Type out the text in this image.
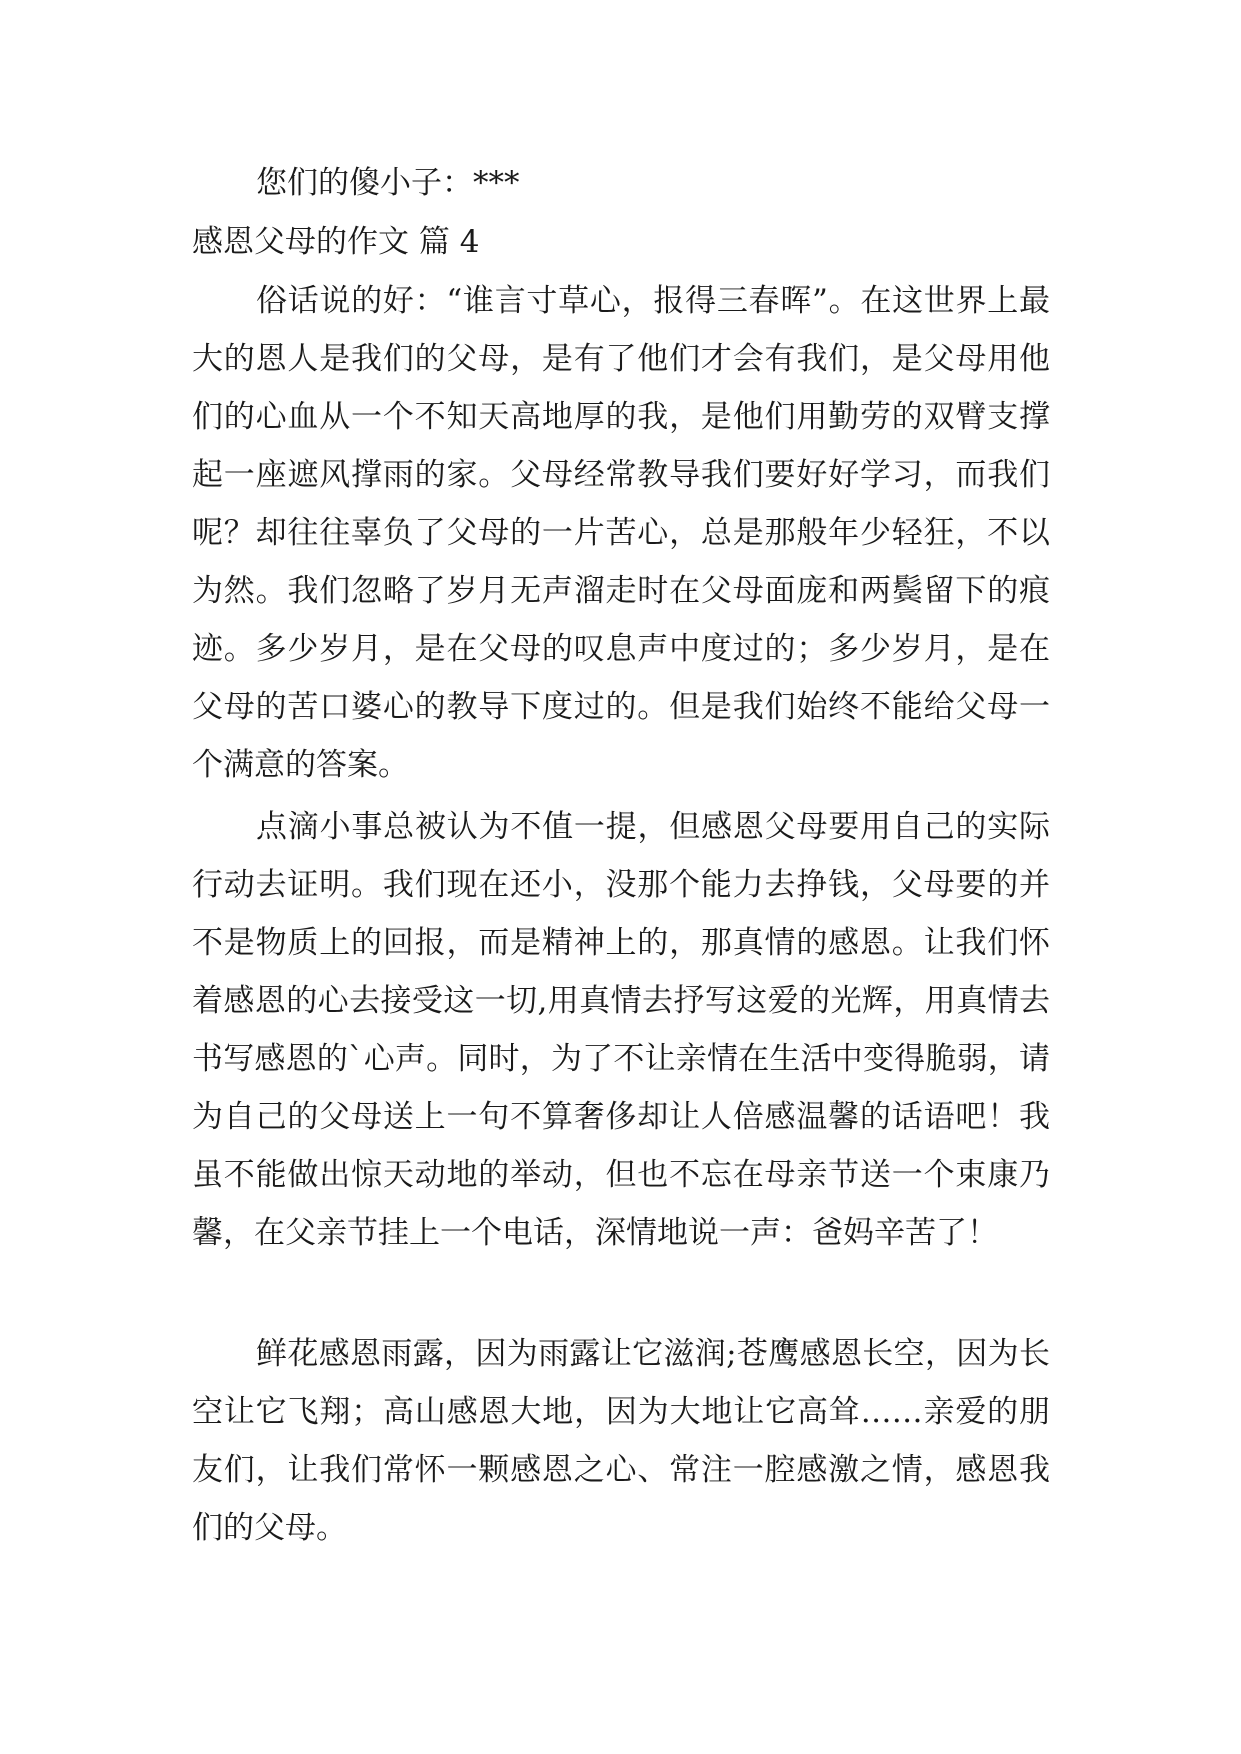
您们的傻小子：***
感恩父母的作文 篇 4

俗话说的好：“谁言寸草心，报得三春晖”。在这世界上最大的恩人是我们的父母，是有了他们才会有我们，是父母用他们的心血从一个不知天高地厚的我，是他们用勤劳的双臂支撑起一座遮风撑雨的家。父母经常教导我们要好好学习，而我们呢？却往往辜负了父母的一片苦心，总是那般年少轻狂，不以为然。我们忽略了岁月无声溜走时在父母面庞和两鬓留下的痕迹。多少岁月，是在父母的叹息声中度过的；多少岁月，是在父母的苦口婆心的教导下度过的。但是我们始终不能给父母一个满意的答案。

点滴小事总被认为不值一提，但感恩父母要用自己的实际行动去证明。我们现在还小，没那个能力去挣钱，父母要的并不是物质上的回报，而是精神上的，那真情的感恩。让我们怀着感恩的心去接受这一切,用真情去抒写这爱的光辉，用真情去书写感恩的`心声。同时，为了不让亲情在生活中变得脆弱，请为自己的父母送上一句不算奢侈却让人倍感温馨的话语吧！我虽不能做出惊天动地的举动，但也不忘在母亲节送一个束康乃馨，在父亲节挂上一个电话，深情地说一声：爸妈辛苦了！

鲜花感恩雨露，因为雨露让它滋润;苍鹰感恩长空，因为长空让它飞翔；高山感恩大地，因为大地让它高耸……亲爱的朋友们，让我们常怀一颗感恩之心、常注一腔感激之情，感恩我们的父母。
